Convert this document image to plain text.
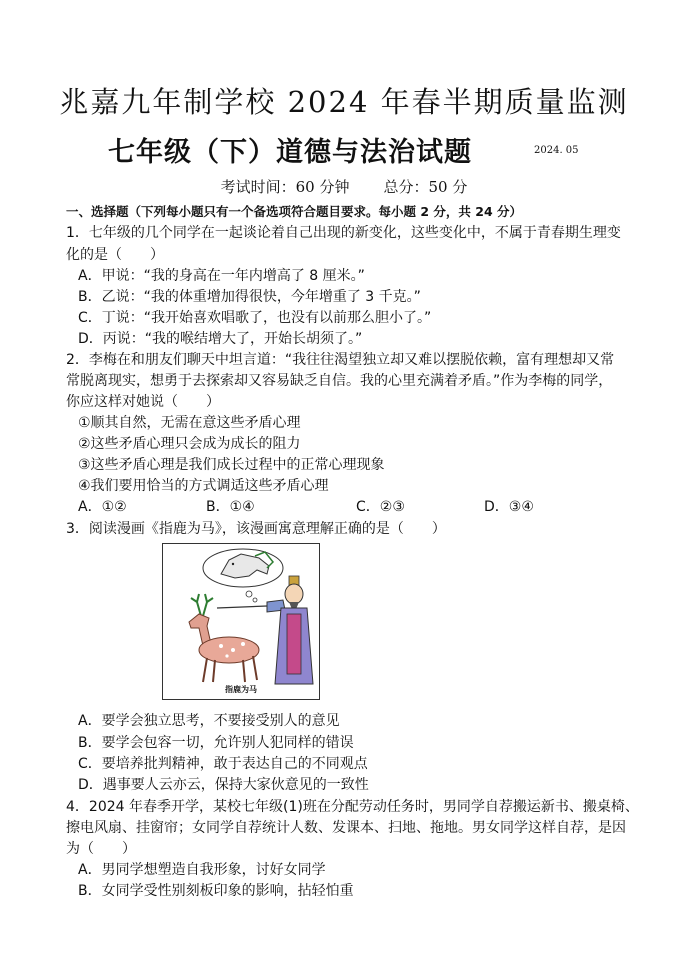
兆嘉九年制学校 2024 年春半期质量监测
七年级（下）道德与法治试题	2024. 05
考试时间：60 分钟 总分：50 分
一、选择题（下列每小题只有一个备选项符合题目要求。每小题 2 分，共 24 分）
1．七年级的几个同学在一起谈论着自己出现的新变化，这些变化中，不属于青春期生理变
化的是（　　）
A．甲说：“我的身高在一年内增高了 8 厘米。”
B．乙说：“我的体重增加得很快，今年增重了 3 千克。”
C．丁说：“我开始喜欢唱歌了，也没有以前那么胆小了。”
D．丙说：“我的喉结增大了，开始长胡须了。”
2．李梅在和朋友们聊天中坦言道：“我往往渴望独立却又难以摆脱依赖，富有理想却又常
常脱离现实，想勇于去探索却又容易缺乏自信。我的心里充满着矛盾。”作为李梅的同学，
你应这样对她说（　　）
①顺其自然，无需在意这些矛盾心理
②这些矛盾心理只会成为成长的阻力
③这些矛盾心理是我们成长过程中的正常心理现象
④我们要用恰当的方式调适这些矛盾心理
A．①②	B．①④	C．②③	D．③④
3．阅读漫画《指鹿为马》，该漫画寓意理解正确的是（　　）
指鹿为马
A．要学会独立思考，不要接受别人的意见
B．要学会包容一切，允许别人犯同样的错误
C．要培养批判精神，敢于表达自己的不同观点
D．遇事要人云亦云，保持大家伙意见的一致性
4．2024 年春季开学，某校七年级(1)班在分配劳动任务时，男同学自荐搬运新书、搬桌椅、
擦电风扇、挂窗帘；女同学自荐统计人数、发课本、扫地、拖地。男女同学这样自荐，是因
为（　　）
A．男同学想塑造自我形象，讨好女同学
B．女同学受性别刻板印象的影响，拈轻怕重
